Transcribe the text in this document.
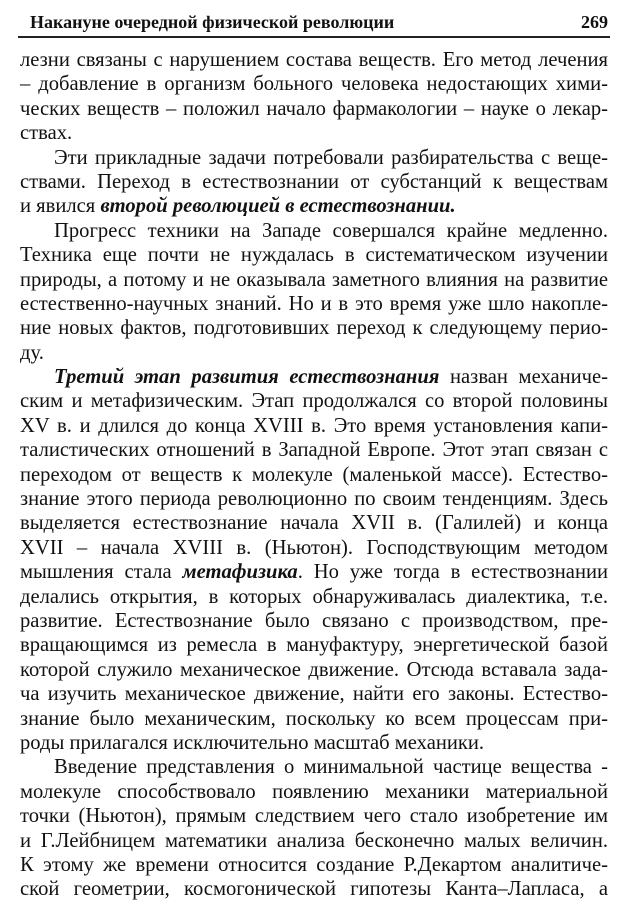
Накануне очередной физической революции	269
лезни связаны с нарушением состава веществ. Его метод лечения
– добавление в организм больного человека недостающих хими-
ческих веществ – положил начало фармакологии – науке о лекар-
ствах.
Эти прикладные задачи потребовали разбирательства с веще-
ствами. Переход в естествознании от субстанций к веществам
и явился второй революцией в естествознании.
Прогресс техники на Западе совершался крайне медленно.
Техника еще почти не нуждалась в систематическом изучении
природы, а потому и не оказывала заметного влияния на развитие
естественно-научных знаний. Но и в это время уже шло накопле-
ние новых фактов, подготовивших переход к следующему перио-
ду.
Третий этап развития естествознания назван механиче-
ским и метафизическим. Этап продолжался со второй половины
XV в. и длился до конца XVIII в. Это время установления капи-
талистических отношений в Западной Европе. Этот этап связан с
переходом от веществ к молекуле (маленькой массе). Естество-
знание этого периода революционно по своим тенденциям. Здесь
выделяется естествознание начала XVII в. (Галилей) и конца
XVII – начала XVIII в. (Ньютон). Господствующим методом
мышления стала метафизика. Но уже тогда в естествознании
делались открытия, в которых обнаруживалась диалектика, т.е.
развитие. Естествознание было связано с производством, пре-
вращающимся из ремесла в мануфактуру, энергетической базой
которой служило механическое движение. Отсюда вставала зада-
ча изучить механическое движение, найти его законы. Естество-
знание было механическим, поскольку ко всем процессам при-
роды прилагался исключительно масштаб механики.
Введение представления о минимальной частице вещества -
молекуле способствовало появлению механики материальной
точки (Ньютон), прямым следствием чего стало изобретение им
и Г.Лейбницем математики анализа бесконечно малых величин.
К этому же времени относится создание Р.Декартом аналитиче-
ской геометрии, космогонической гипотезы Канта–Лапласа, а
